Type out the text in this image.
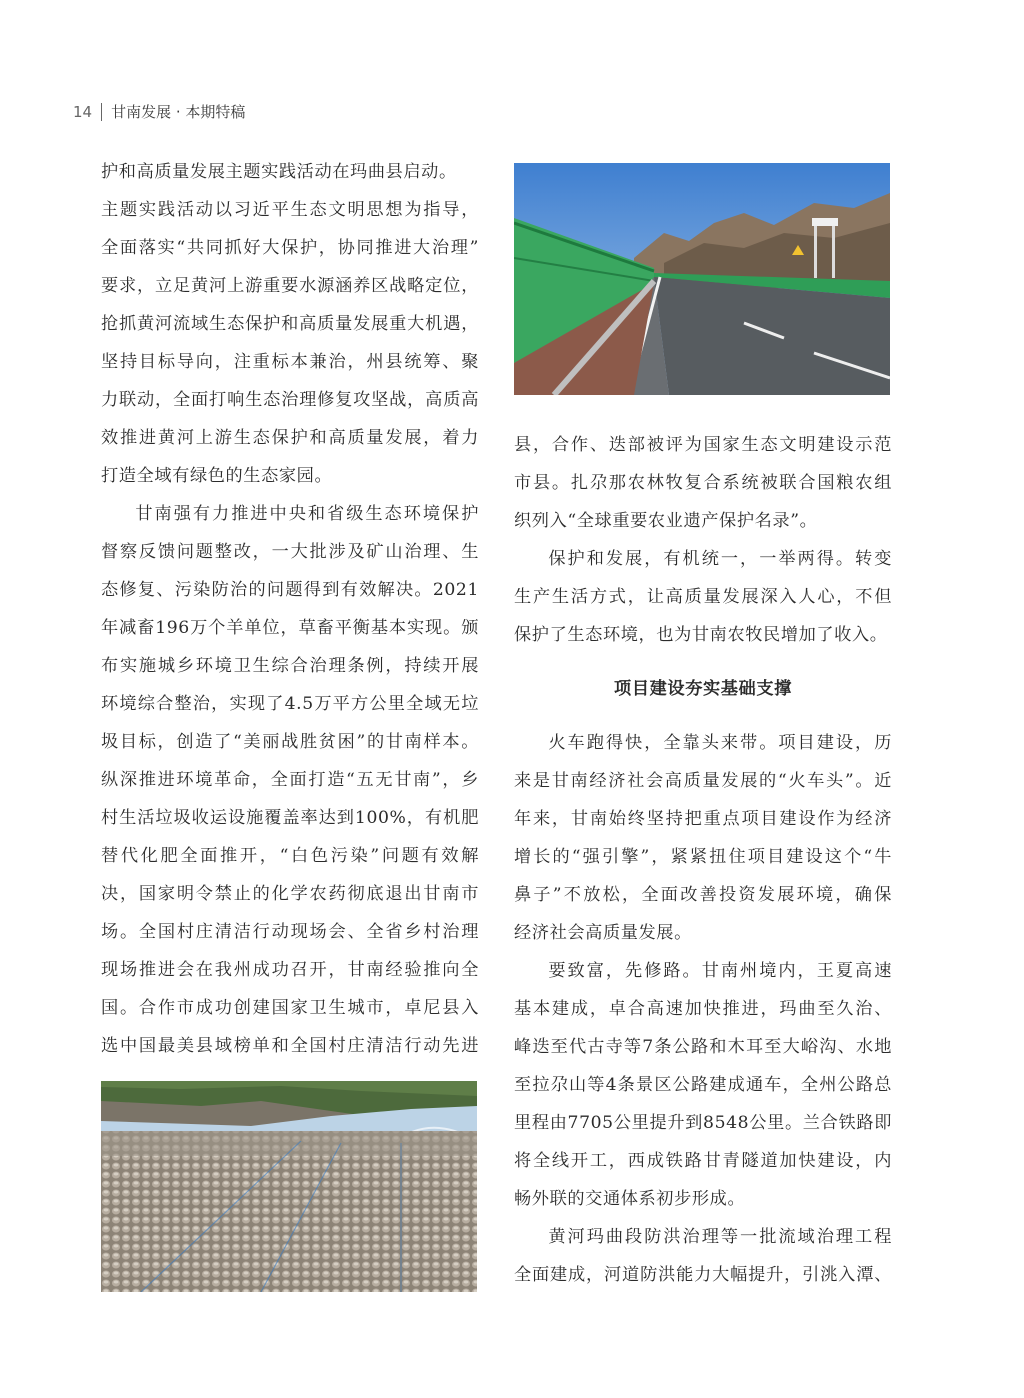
14 甘南发展 · 本期特稿

护和高质量发展主题实践活动在玛曲县启动。

主题实践活动以习近平生态文明思想为指导，

全面落实“共同抓好大保护，协同推进大治理”

要求，立足黄河上游重要水源涵养区战略定位，

抢抓黄河流域生态保护和高质量发展重大机遇，

坚持目标导向，注重标本兼治，州县统筹、聚

力联动，全面打响生态治理修复攻坚战，高质高

效推进黄河上游生态保护和高质量发展，着力

打造全域有绿色的生态家园。

甘南强有力推进中央和省级生态环境保护

督察反馈问题整改，一大批涉及矿山治理、生

态修复、污染防治的问题得到有效解决。2021

年减畜196万个羊单位，草畜平衡基本实现。颁

布实施城乡环境卫生综合治理条例，持续开展

环境综合整治，实现了4.5万平方公里全域无垃

圾目标，创造了“美丽战胜贫困”的甘南样本。

纵深推进环境革命，全面打造“五无甘南”，乡

村生活垃圾收运设施覆盖率达到100%，有机肥

替代化肥全面推开，“白色污染”问题有效解

决，国家明令禁止的化学农药彻底退出甘南市

场。全国村庄清洁行动现场会、全省乡村治理

现场推进会在我州成功召开，甘南经验推向全

国。合作市成功创建国家卫生城市，卓尼县入

选中国最美县域榜单和全国村庄清洁行动先进

县，合作、迭部被评为国家生态文明建设示范

市县。扎尕那农林牧复合系统被联合国粮农组

织列入“全球重要农业遗产保护名录”。

保护和发展，有机统一，一举两得。转变

生产生活方式，让高质量发展深入人心，不但

保护了生态环境，也为甘南农牧民增加了收入。

项目建设夯实基础支撑

火车跑得快，全靠头来带。项目建设，历

来是甘南经济社会高质量发展的“火车头”。近

年来，甘南始终坚持把重点项目建设作为经济

增长的“强引擎”，紧紧扭住项目建设这个“牛

鼻子”不放松，全面改善投资发展环境，确保

经济社会高质量发展。

要致富，先修路。甘南州境内，王夏高速

基本建成，卓合高速加快推进，玛曲至久治、

峰迭至代古寺等7条公路和木耳至大峪沟、水地

至拉尕山等4条景区公路建成通车，全州公路总

里程由7705公里提升到8548公里。兰合铁路即

将全线开工，西成铁路甘青隧道加快建设，内

畅外联的交通体系初步形成。

黄河玛曲段防洪治理等一批流域治理工程

全面建成，河道防洪能力大幅提升，引洮入潭、
